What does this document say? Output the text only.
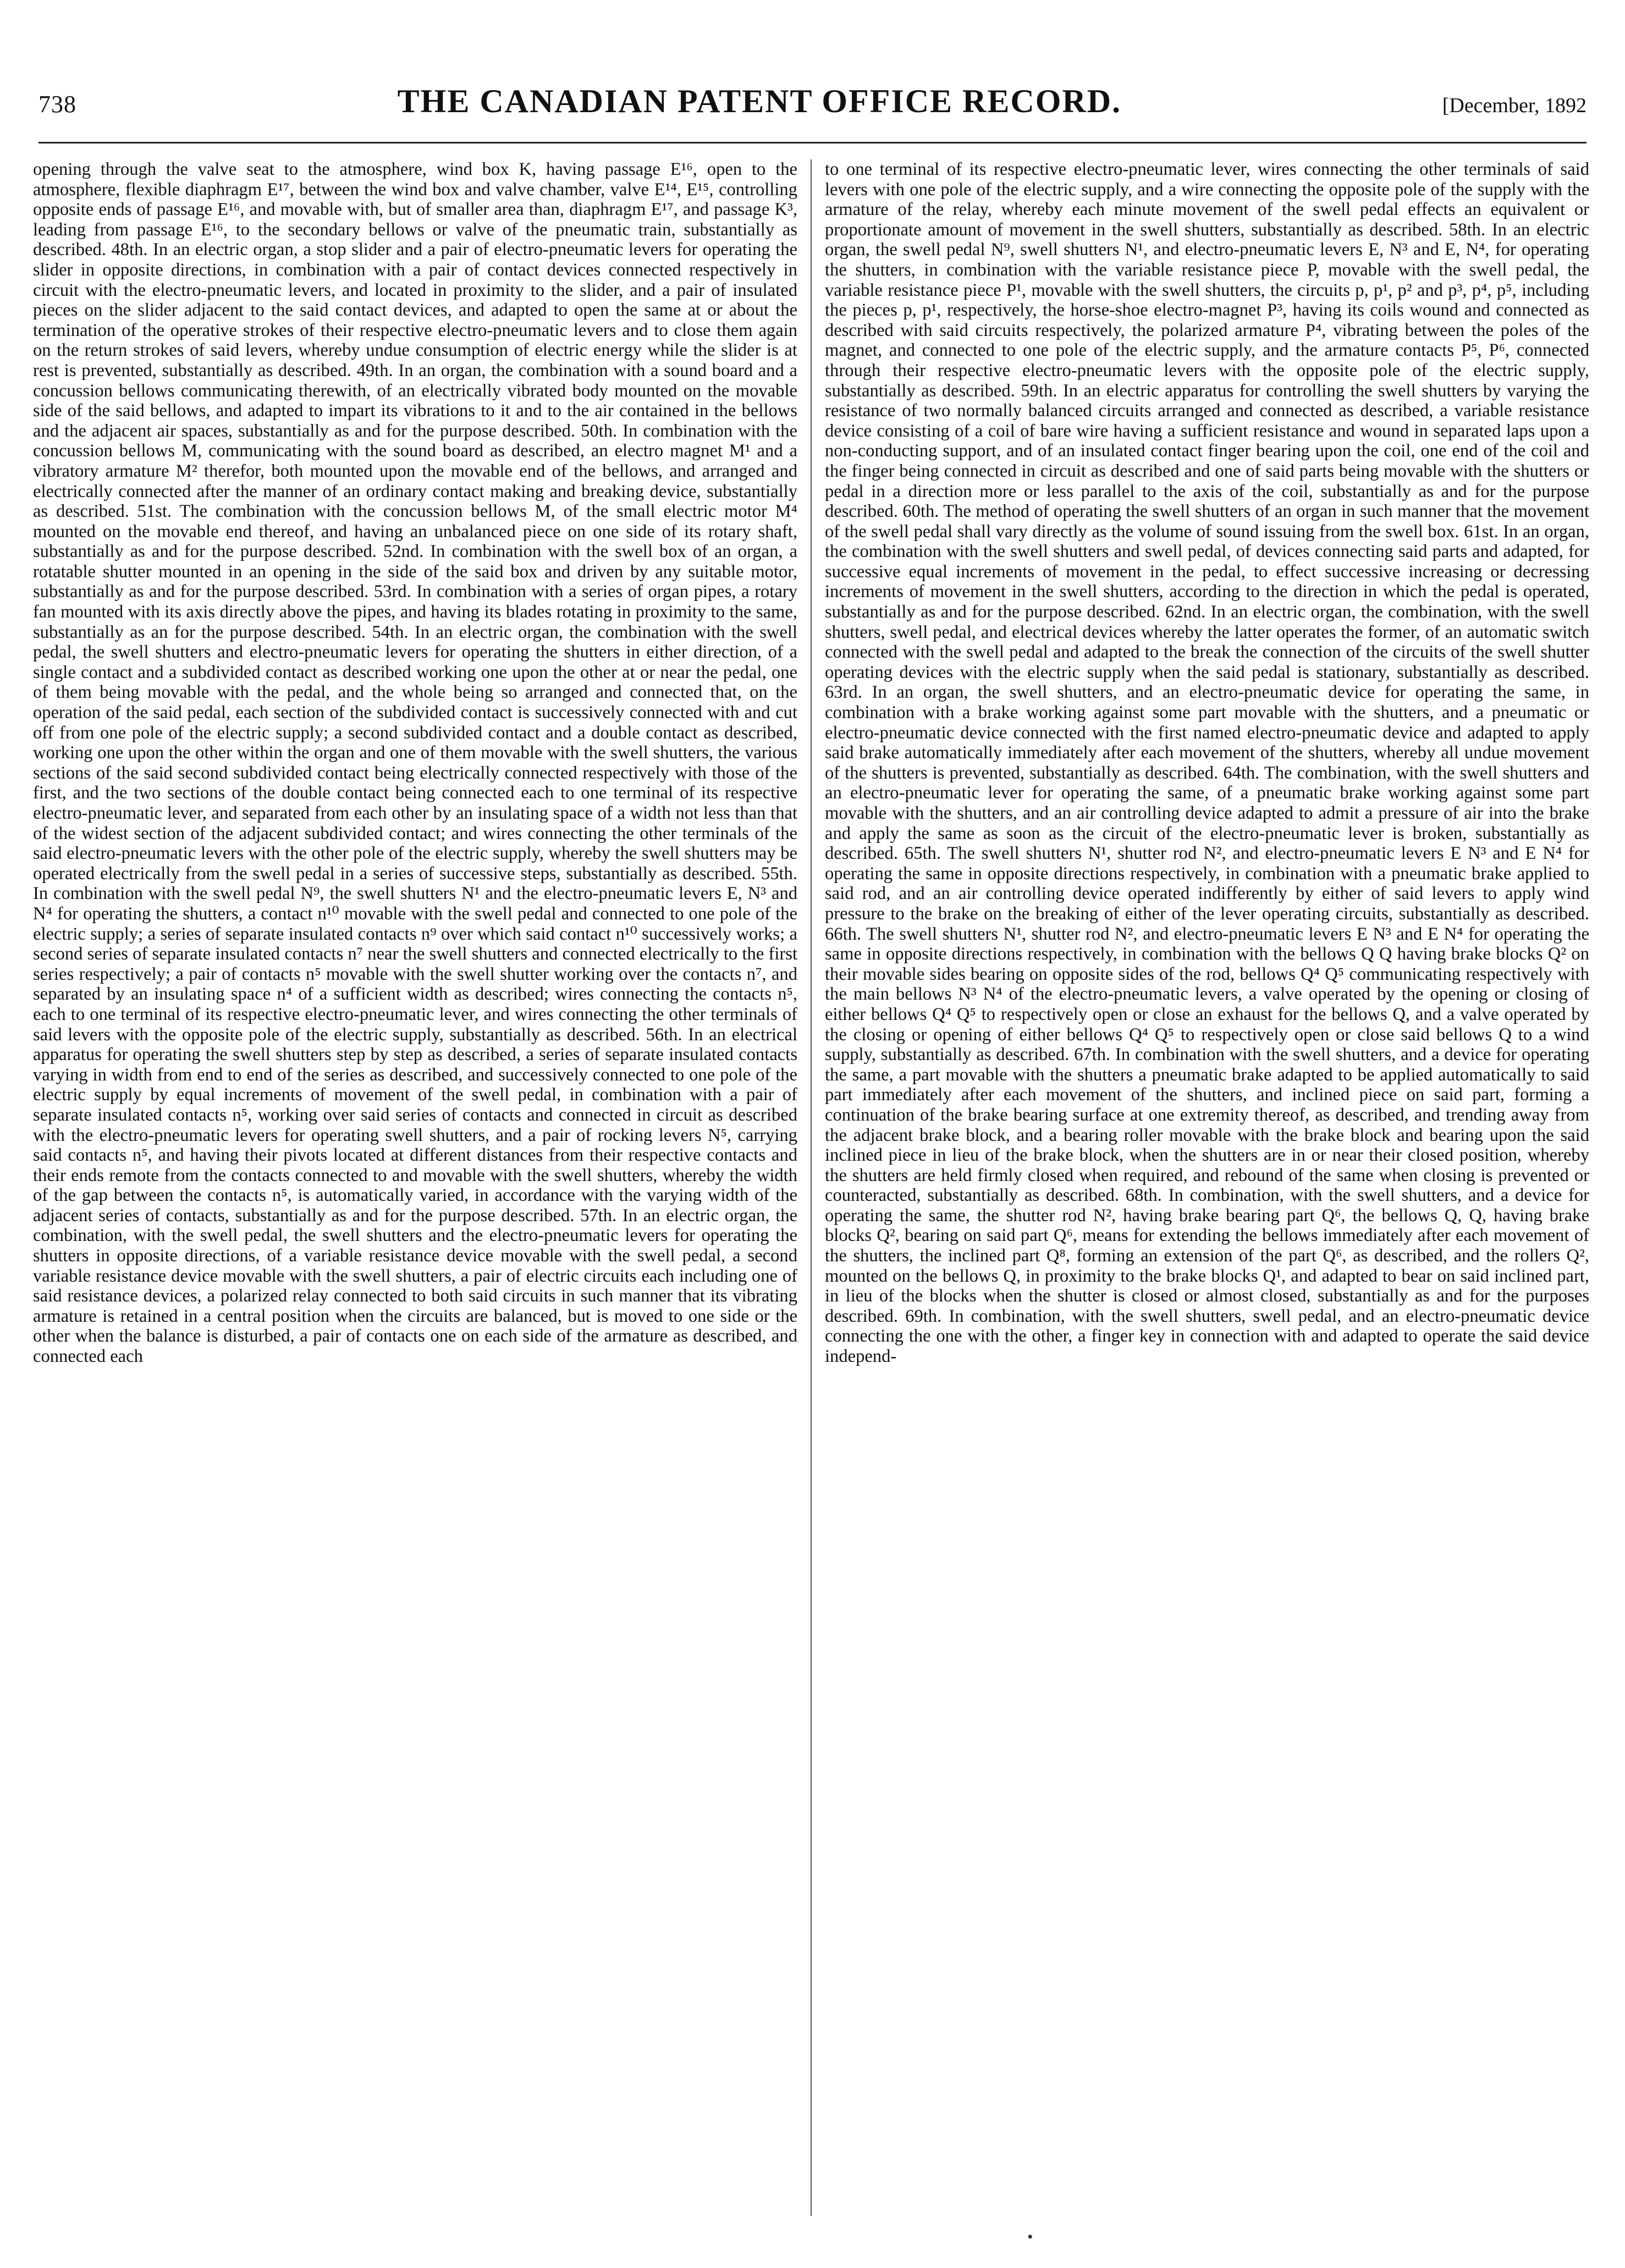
738	THE CANADIAN PATENT OFFICE RECORD.	[December, 1892
opening through the valve seat to the atmosphere, wind box K, having passage E¹⁶, open to the atmosphere, flexible diaphragm E¹⁷, between the wind box and valve chamber, valve E¹⁴, E¹⁵, controlling opposite ends of passage E¹⁶, and movable with, but of smaller area than, diaphragm E¹⁷, and passage K³, leading from passage E¹⁶, to the secondary bellows or valve of the pneumatic train, substantially as described. 48th. In an electric organ, a stop slider and a pair of electro-pneumatic levers for operating the slider in opposite directions, in combination with a pair of contact devices connected respectively in circuit with the electro-pneumatic levers, and located in proximity to the slider, and a pair of insulated pieces on the slider adjacent to the said contact devices, and adapted to open the same at or about the termination of the operative strokes of their respective electro-pneumatic levers and to close them again on the return strokes of said levers, whereby undue consumption of electric energy while the slider is at rest is prevented, substantially as described. 49th. In an organ, the combination with a sound board and a concussion bellows communicating therewith, of an electrically vibrated body mounted on the movable side of the said bellows, and adapted to impart its vibrations to it and to the air contained in the bellows and the adjacent air spaces, substantially as and for the purpose described. 50th. In combination with the concussion bellows M, communicating with the sound board as described, an electro magnet M¹ and a vibratory armature M² therefor, both mounted upon the movable end of the bellows, and arranged and electrically connected after the manner of an ordinary contact making and breaking device, substantially as described. 51st. The combination with the concussion bellows M, of the small electric motor M⁴ mounted on the movable end thereof, and having an unbalanced piece on one side of its rotary shaft, substantially as and for the purpose described. 52nd. In combination with the swell box of an organ, a rotatable shutter mounted in an opening in the side of the said box and driven by any suitable motor, substantially as and for the purpose described. 53rd. In combination with a series of organ pipes, a rotary fan mounted with its axis directly above the pipes, and having its blades rotating in proximity to the same, substantially as an for the purpose described. 54th. In an electric organ, the combination with the swell pedal, the swell shutters and electro-pneumatic levers for operating the shutters in either direction, of a single contact and a subdivided contact as described working one upon the other at or near the pedal, one of them being movable with the pedal, and the whole being so arranged and connected that, on the operation of the said pedal, each section of the subdivided contact is successively connected with and cut off from one pole of the electric supply; a second subdivided contact and a double contact as described, working one upon the other within the organ and one of them movable with the swell shutters, the various sections of the said second subdivided contact being electrically connected respectively with those of the first, and the two sections of the double contact being connected each to one terminal of its respective electro-pneumatic lever, and separated from each other by an insulating space of a width not less than that of the widest section of the adjacent subdivided contact; and wires connecting the other terminals of the said electro-pneumatic levers with the other pole of the electric supply, whereby the swell shutters may be operated electrically from the swell pedal in a series of successive steps, substantially as described. 55th. In combination with the swell pedal N⁹, the swell shutters N¹ and the electro-pneumatic levers E, N³ and N⁴ for operating the shutters, a contact n¹⁰ movable with the swell pedal and connected to one pole of the electric supply; a series of separate insulated contacts n⁹ over which said contact n¹⁰ successively works; a second series of separate insulated contacts n⁷ near the swell shutters and connected electrically to the first series respectively; a pair of contacts n⁵ movable with the swell shutter working over the contacts n⁷, and separated by an insulating space n⁴ of a sufficient width as described; wires connecting the contacts n⁵, each to one terminal of its respective electro-pneumatic lever, and wires connecting the other terminals of said levers with the opposite pole of the electric supply, substantially as described. 56th. In an electrical apparatus for operating the swell shutters step by step as described, a series of separate insulated contacts varying in width from end to end of the series as described, and successively connected to one pole of the electric supply by equal increments of movement of the swell pedal, in combination with a pair of separate insulated contacts n⁵, working over said series of contacts and connected in circuit as described with the electro-pneumatic levers for operating swell shutters, and a pair of rocking levers N⁵, carrying said contacts n⁵, and having their pivots located at different distances from their respective contacts and their ends remote from the contacts connected to and movable with the swell shutters, whereby the width of the gap between the contacts n⁵, is automatically varied, in accordance with the varying width of the adjacent series of contacts, substantially as and for the purpose described. 57th. In an electric organ, the combination, with the swell pedal, the swell shutters and the electro-pneumatic levers for operating the shutters in opposite directions, of a variable resistance device movable with the swell pedal, a second variable resistance device movable with the swell shutters, a pair of electric circuits each including one of said resistance devices, a polarized relay connected to both said circuits in such manner that its vibrating armature is retained in a central position when the circuits are balanced, but is moved to one side or the other when the balance is disturbed, a pair of contacts one on each side of the armature as described, and connected each
to one terminal of its respective electro-pneumatic lever, wires connecting the other terminals of said levers with one pole of the electric supply, and a wire connecting the opposite pole of the supply with the armature of the relay, whereby each minute movement of the swell pedal effects an equivalent or proportionate amount of movement in the swell shutters, substantially as described. 58th. In an electric organ, the swell pedal N⁹, swell shutters N¹, and electro-pneumatic levers E, N³ and E, N⁴, for operating the shutters, in combination with the variable resistance piece P, movable with the swell pedal, the variable resistance piece P¹, movable with the swell shutters, the circuits p, p¹, p² and p³, p⁴, p⁵, including the pieces p, p¹, respectively, the horse-shoe electro-magnet P³, having its coils wound and connected as described with said circuits respectively, the polarized armature P⁴, vibrating between the poles of the magnet, and connected to one pole of the electric supply, and the armature contacts P⁵, P⁶, connected through their respective electro-pneumatic levers with the opposite pole of the electric supply, substantially as described. 59th. In an electric apparatus for controlling the swell shutters by varying the resistance of two normally balanced circuits arranged and connected as described, a variable resistance device consisting of a coil of bare wire having a sufficient resistance and wound in separated laps upon a non-conducting support, and of an insulated contact finger bearing upon the coil, one end of the coil and the finger being connected in circuit as described and one of said parts being movable with the shutters or pedal in a direction more or less parallel to the axis of the coil, substantially as and for the purpose described. 60th. The method of operating the swell shutters of an organ in such manner that the movement of the swell pedal shall vary directly as the volume of sound issuing from the swell box. 61st. In an organ, the combination with the swell shutters and swell pedal, of devices connecting said parts and adapted, for successive equal increments of movement in the pedal, to effect successive increasing or decressing increments of movement in the swell shutters, according to the direction in which the pedal is operated, substantially as and for the purpose described. 62nd. In an electric organ, the combination, with the swell shutters, swell pedal, and electrical devices whereby the latter operates the former, of an automatic switch connected with the swell pedal and adapted to the break the connection of the circuits of the swell shutter operating devices with the electric supply when the said pedal is stationary, substantially as described. 63rd. In an organ, the swell shutters, and an electro-pneumatic device for operating the same, in combination with a brake working against some part movable with the shutters, and a pneumatic or electro-pneumatic device connected with the first named electro-pneumatic device and adapted to apply said brake automatically immediately after each movement of the shutters, whereby all undue movement of the shutters is prevented, substantially as described. 64th. The combination, with the swell shutters and an electro-pneumatic lever for operating the same, of a pneumatic brake working against some part movable with the shutters, and an air controlling device adapted to admit a pressure of air into the brake and apply the same as soon as the circuit of the electro-pneumatic lever is broken, substantially as described. 65th. The swell shutters N¹, shutter rod N², and electro-pneumatic levers E N³ and E N⁴ for operating the same in opposite directions respectively, in combination with a pneumatic brake applied to said rod, and an air controlling device operated indifferently by either of said levers to apply wind pressure to the brake on the breaking of either of the lever operating circuits, substantially as described. 66th. The swell shutters N¹, shutter rod N², and electro-pneumatic levers E N³ and E N⁴ for operating the same in opposite directions respectively, in combination with the bellows Q Q having brake blocks Q² on their movable sides bearing on opposite sides of the rod, bellows Q⁴ Q⁵ communicating respectively with the main bellows N³ N⁴ of the electro-pneumatic levers, a valve operated by the opening or closing of either bellows Q⁴ Q⁵ to respectively open or close an exhaust for the bellows Q, and a valve operated by the closing or opening of either bellows Q⁴ Q⁵ to respectively open or close said bellows Q to a wind supply, substantially as described. 67th. In combination with the swell shutters, and a device for operating the same, a part movable with the shutters a pneumatic brake adapted to be applied automatically to said part immediately after each movement of the shutters, and inclined piece on said part, forming a continuation of the brake bearing surface at one extremity thereof, as described, and trending away from the adjacent brake block, and a bearing roller movable with the brake block and bearing upon the said inclined piece in lieu of the brake block, when the shutters are in or near their closed position, whereby the shutters are held firmly closed when required, and rebound of the same when closing is prevented or counteracted, substantially as described. 68th. In combination, with the swell shutters, and a device for operating the same, the shutter rod N², having brake bearing part Q⁶, the bellows Q, Q, having brake blocks Q², bearing on said part Q⁶, means for extending the bellows immediately after each movement of the shutters, the inclined part Q⁸, forming an extension of the part Q⁶, as described, and the rollers Q², mounted on the bellows Q, in proximity to the brake blocks Q¹, and adapted to bear on said inclined part, in lieu of the blocks when the shutter is closed or almost closed, substantially as and for the purposes described. 69th. In combination, with the swell shutters, swell pedal, and an electro-pneumatic device connecting the one with the other, a finger key in connection with and adapted to operate the said device independ-
•
